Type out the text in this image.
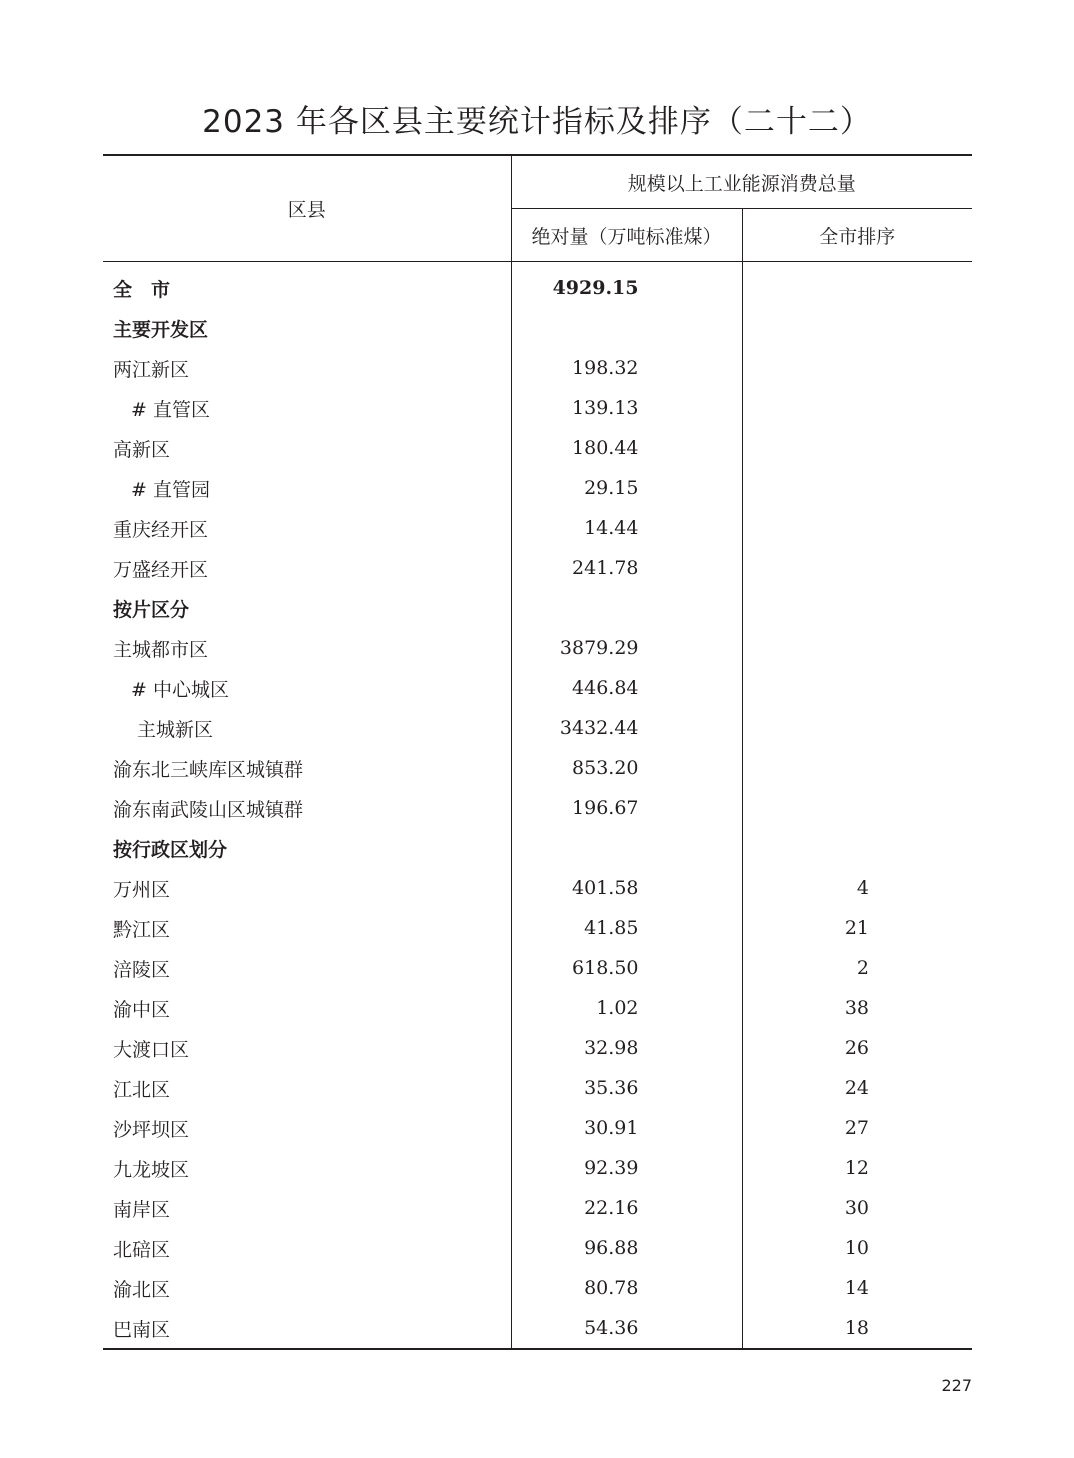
2023 年各区县主要统计指标及排序（二十二）
区县	规模以上工业能源消费总量	
	绝对量（万吨标准煤）	全市排序

全　市	4929.15	
主要开发区		
两江新区	198.32	
# 直管区	139.13	
高新区	180.44	
# 直管园	29.15	
重庆经开区	14.44	
万盛经开区	241.78	
按片区分		
主城都市区	3879.29	
# 中心城区	446.84	
主城新区	3432.44	
渝东北三峡库区城镇群	853.20	
渝东南武陵山区城镇群	196.67	
按行政区划分		
万州区	401.58	4
黔江区	41.85	21
涪陵区	618.50	2
渝中区	1.02	38
大渡口区	32.98	26
江北区	35.36	24
沙坪坝区	30.91	27
九龙坡区	92.39	12
南岸区	22.16	30
北碚区	96.88	10
渝北区	80.78	14
巴南区	54.36	18
227
